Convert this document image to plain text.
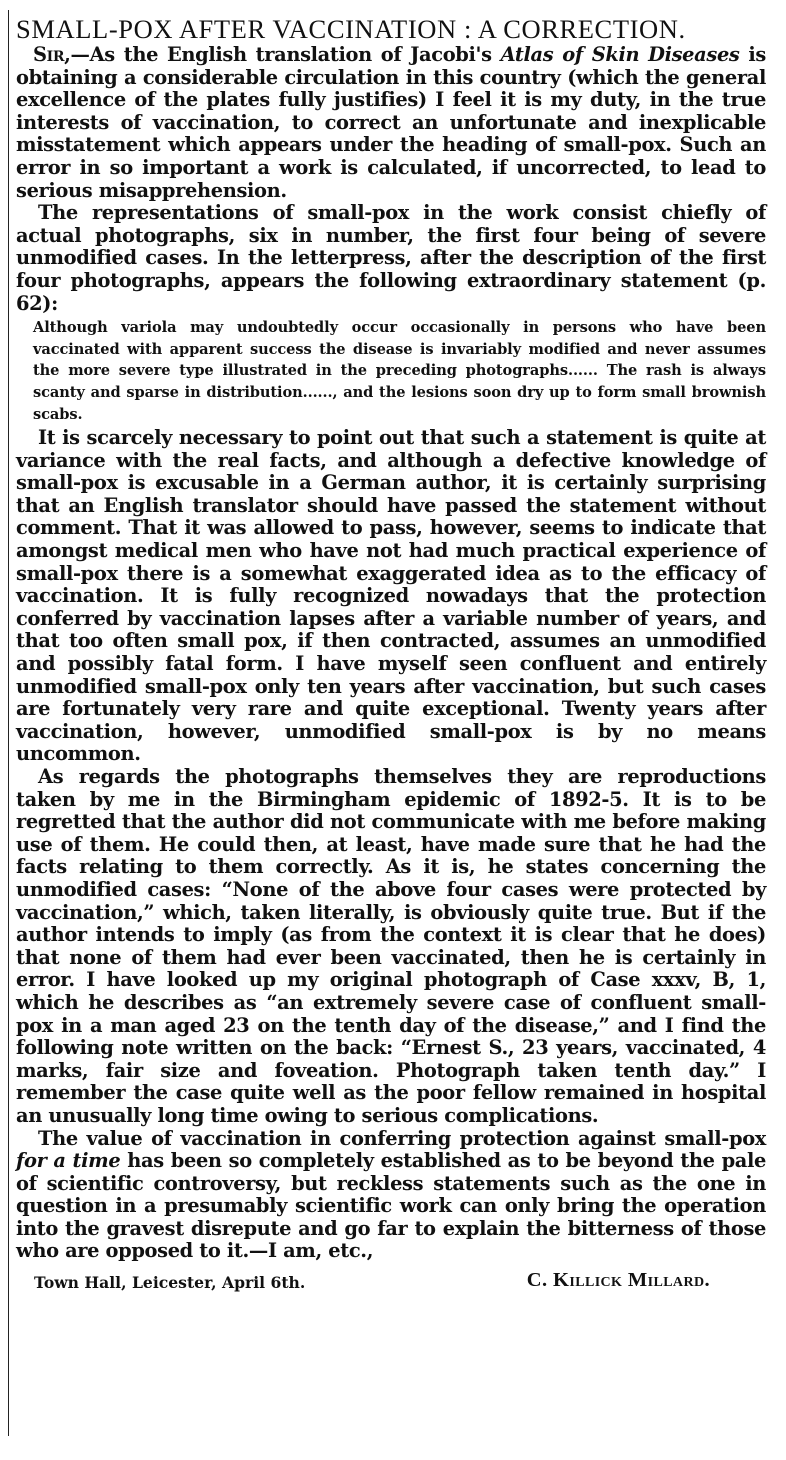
SMALL-POX AFTER VACCINATION : A CORRECTION.

Sir,—As the English translation of Jacobi's Atlas of Skin Diseases is obtaining a considerable circulation in this country (which the general excellence of the plates fully justifies) I feel it is my duty, in the true interests of vaccination, to correct an unfortunate and inexplicable misstatement which appears under the heading of small-pox. Such an error in so important a work is calculated, if uncorrected, to lead to serious misapprehension.

The representations of small-pox in the work consist chiefly of actual photographs, six in number, the first four being of severe unmodified cases. In the letterpress, after the description of the first four photographs, appears the following extraordinary statement (p. 62):

Although variola may undoubtedly occur occasionally in persons who have been vaccinated with apparent success the disease is invariably modified and never assumes the more severe type illustrated in the preceding photographs...... The rash is always scanty and sparse in distribution......, and the lesions soon dry up to form small brownish scabs.

It is scarcely necessary to point out that such a statement is quite at variance with the real facts, and although a defective knowledge of small-pox is excusable in a German author, it is certainly surprising that an English translator should have passed the statement without comment. That it was allowed to pass, however, seems to indicate that amongst medical men who have not had much practical experience of small-pox there is a somewhat exaggerated idea as to the efficacy of vaccination. It is fully recognized nowadays that the protection conferred by vaccination lapses after a variable number of years, and that too often small pox, if then contracted, assumes an unmodified and possibly fatal form. I have myself seen confluent and entirely unmodified small-pox only ten years after vaccination, but such cases are fortunately very rare and quite exceptional. Twenty years after vaccination, however, unmodified small-pox is by no means uncommon.

As regards the photographs themselves they are reproductions taken by me in the Birmingham epidemic of 1892-5. It is to be regretted that the author did not communicate with me before making use of them. He could then, at least, have made sure that he had the facts relating to them correctly. As it is, he states concerning the unmodified cases: “None of the above four cases were protected by vaccination,” which, taken literally, is obviously quite true. But if the author intends to imply (as from the context it is clear that he does) that none of them had ever been vaccinated, then he is certainly in error. I have looked up my original photograph of Case xxxv, B, 1, which he describes as “an extremely severe case of confluent small-pox in a man aged 23 on the tenth day of the disease,” and I find the following note written on the back: “Ernest S., 23 years, vaccinated, 4 marks, fair size and foveation. Photograph taken tenth day.” I remember the case quite well as the poor fellow remained in hospital an unusually long time owing to serious complications.

The value of vaccination in conferring protection against small-pox for a time has been so completely established as to be beyond the pale of scientific controversy, but reckless statements such as the one in question in a presumably scientific work can only bring the operation into the gravest disrepute and go far to explain the bitterness of those who are opposed to it.—I am, etc.,

Town Hall, Leicester, April 6th.	C. Killick Millard.
